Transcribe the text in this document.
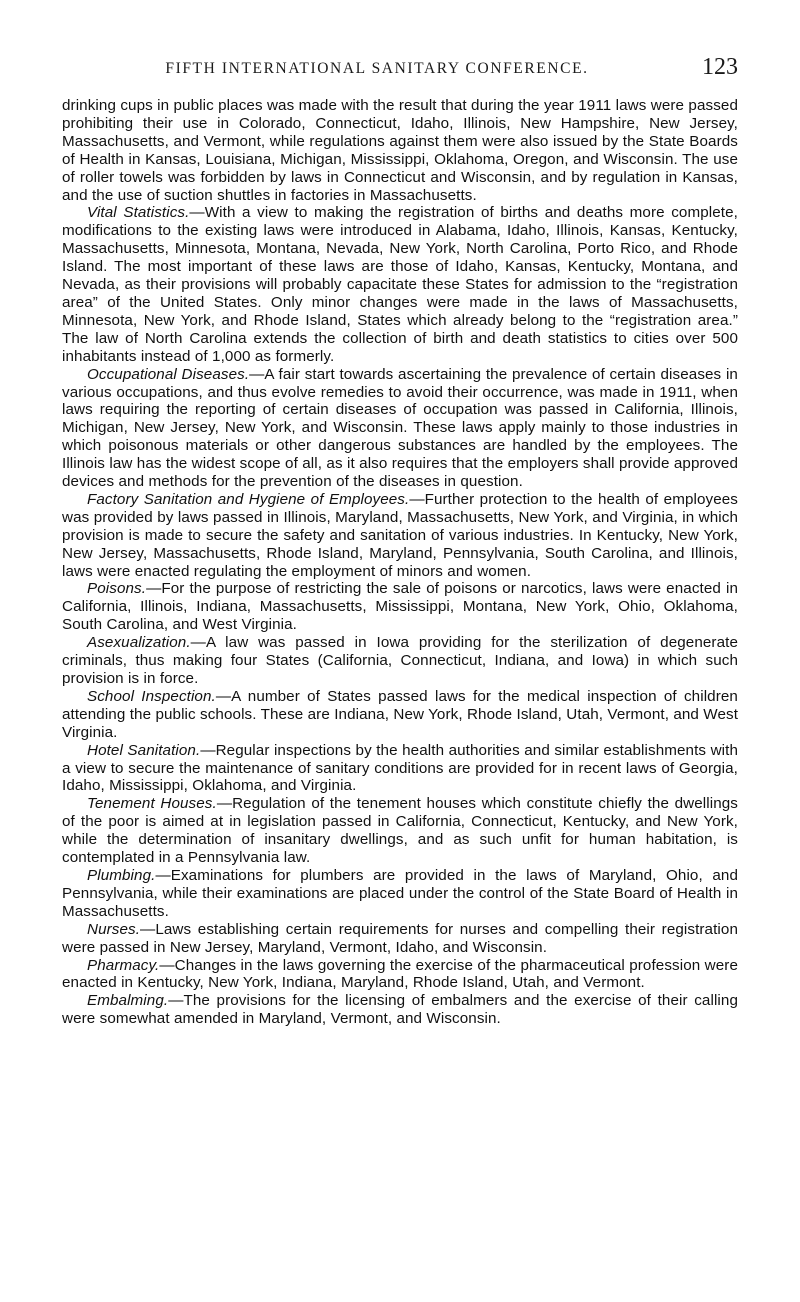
FIFTH INTERNATIONAL SANITARY CONFERENCE.	123

drinking cups in public places was made with the result that during the year 1911 laws were passed prohibiting their use in Colorado, Connecticut, Idaho, Illinois, New Hampshire, New Jersey, Massachusetts, and Vermont, while regulations against them were also issued by the State Boards of Health in Kansas, Louisiana, Michigan, Mississippi, Oklahoma, Oregon, and Wisconsin. The use of roller towels was forbidden by laws in Connecticut and Wisconsin, and by regulation in Kansas, and the use of suction shuttles in factories in Massachusetts.

Vital Statistics.—With a view to making the registration of births and deaths more complete, modifications to the existing laws were introduced in Alabama, Idaho, Illinois, Kansas, Kentucky, Massachusetts, Minnesota, Montana, Nevada, New York, North Carolina, Porto Rico, and Rhode Island. The most important of these laws are those of Idaho, Kansas, Kentucky, Montana, and Nevada, as their provisions will probably capacitate these States for admission to the “registration area” of the United States. Only minor changes were made in the laws of Massachusetts, Minnesota, New York, and Rhode Island, States which already belong to the “registration area.” The law of North Carolina extends the collection of birth and death statistics to cities over 500 inhabitants instead of 1,000 as formerly.

Occupational Diseases.—A fair start towards ascertaining the prevalence of certain diseases in various occupations, and thus evolve remedies to avoid their occurrence, was made in 1911, when laws requiring the reporting of certain diseases of occupation was passed in California, Illinois, Michigan, New Jersey, New York, and Wisconsin. These laws apply mainly to those industries in which poisonous materials or other dangerous substances are handled by the employees. The Illinois law has the widest scope of all, as it also requires that the employers shall provide approved devices and methods for the prevention of the diseases in question.

Factory Sanitation and Hygiene of Employees.—Further protection to the health of employees was provided by laws passed in Illinois, Maryland, Massachusetts, New York, and Virginia, in which provision is made to secure the safety and sanitation of various industries. In Kentucky, New York, New Jersey, Massachusetts, Rhode Island, Maryland, Pennsylvania, South Carolina, and Illinois, laws were enacted regulating the employment of minors and women.

Poisons.—For the purpose of restricting the sale of poisons or narcotics, laws were enacted in California, Illinois, Indiana, Massachusetts, Mississippi, Montana, New York, Ohio, Oklahoma, South Carolina, and West Virginia.

Asexualization.—A law was passed in Iowa providing for the sterilization of degenerate criminals, thus making four States (California, Connecticut, Indiana, and Iowa) in which such provision is in force.

School Inspection.—A number of States passed laws for the medical inspection of children attending the public schools. These are Indiana, New York, Rhode Island, Utah, Vermont, and West Virginia.

Hotel Sanitation.—Regular inspections by the health authorities and similar establishments with a view to secure the maintenance of sanitary conditions are provided for in recent laws of Georgia, Idaho, Mississippi, Oklahoma, and Virginia.

Tenement Houses.—Regulation of the tenement houses which constitute chiefly the dwellings of the poor is aimed at in legislation passed in California, Connecticut, Kentucky, and New York, while the determination of insanitary dwellings, and as such unfit for human habitation, is contemplated in a Pennsylvania law.

Plumbing.—Examinations for plumbers are provided in the laws of Maryland, Ohio, and Pennsylvania, while their examinations are placed under the control of the State Board of Health in Massachusetts.

Nurses.—Laws establishing certain requirements for nurses and compelling their registration were passed in New Jersey, Maryland, Vermont, Idaho, and Wisconsin.

Pharmacy.—Changes in the laws governing the exercise of the pharmaceutical profession were enacted in Kentucky, New York, Indiana, Maryland, Rhode Island, Utah, and Vermont.

Embalming.—The provisions for the licensing of embalmers and the exercise of their calling were somewhat amended in Maryland, Vermont, and Wisconsin.
